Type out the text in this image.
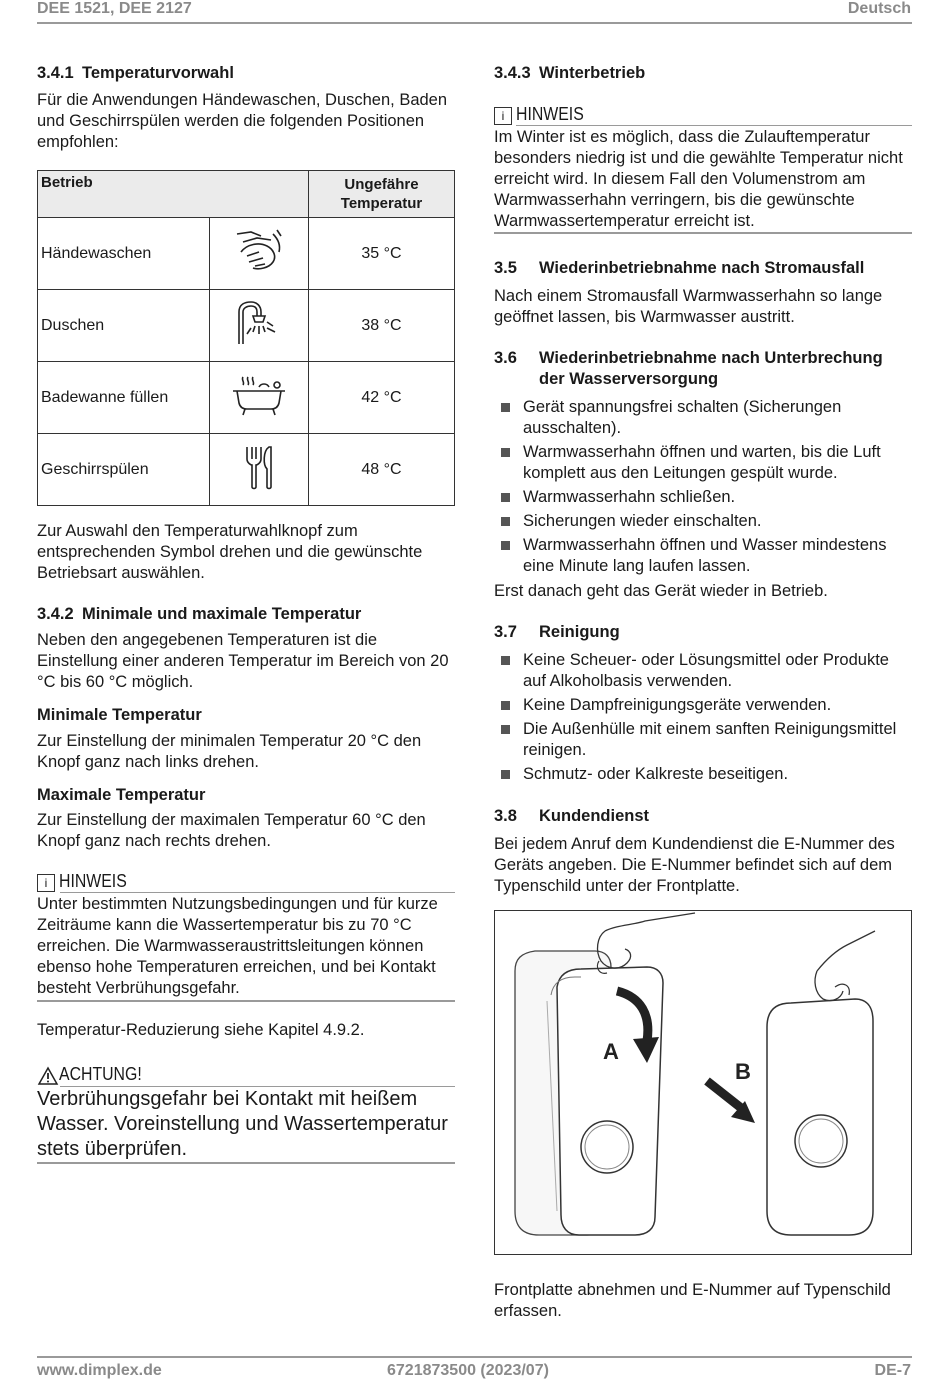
DEE 1521, DEE 2127	Deutsch
3.4.1 Temperaturvorwahl
Für die Anwendungen Händewaschen, Duschen, Baden und Geschirrspülen werden die folgenden Positionen empfohlen:
Betrieb		Ungefähre
Temperatur

Händewaschen		35 °C
Duschen		38 °C
Badewanne füllen		42 °C
Geschirrspülen		48 °C
Zur Auswahl den Temperaturwahlknopf zum entsprechenden Symbol drehen und die gewünschte Betriebsart auswählen.
3.4.2 Minimale und maximale Temperatur
Neben den angegebenen Temperaturen ist die Einstellung einer anderen Temperatur im Bereich von 20 °C bis 60 °C möglich.
Minimale Temperatur
Zur Einstellung der minimalen Temperatur 20 °C den Knopf ganz nach links drehen.
Maximale Temperatur
Zur Einstellung der maximalen Temperatur 60 °C den Knopf ganz nach rechts drehen.
i HINWEIS
Unter bestimmten Nutzungsbedingungen und für kurze Zeiträume kann die Wassertemperatur bis zu 70 °C erreichen. Die Warmwasseraustrittsleitungen können ebenso hohe Temperaturen erreichen, und bei Kontakt besteht Verbrühungsgefahr.
Temperatur-Reduzierung siehe Kapitel 4.9.2.
ACHTUNG!
Verbrühungsgefahr bei Kontakt mit heißem Wasser. Voreinstellung und Wassertemperatur stets überprüfen.
3.4.3 Winterbetrieb
i HINWEIS
Im Winter ist es möglich, dass die Zulauftemperatur besonders niedrig ist und die gewählte Temperatur nicht erreicht wird. In diesem Fall den Volumenstrom am Warmwasserhahn verringern, bis die gewünschte Warmwassertemperatur erreicht ist.
3.5 Wiederinbetriebnahme nach Stromausfall
Nach einem Stromausfall Warmwasserhahn so lange geöffnet lassen, bis Warmwasser austritt.
3.6 Wiederinbetriebnahme nach Unterbrechung
der Wasserversorgung
Gerät spannungsfrei schalten (Sicherungen ausschalten).
Warmwasserhahn öffnen und warten, bis die Luft komplett aus den Leitungen gespült wurde.
Warmwasserhahn schließen.
Sicherungen wieder einschalten.
Warmwasserhahn öffnen und Wasser mindestens eine Minute lang laufen lassen.
Erst danach geht das Gerät wieder in Betrieb.
3.7 Reinigung
Keine Scheuer- oder Lösungsmittel oder Produkte auf Alkoholbasis verwenden.
Keine Dampfreinigungsgeräte verwenden.
Die Außenhülle mit einem sanften Reinigungsmittel reinigen.
Schmutz- oder Kalkreste beseitigen.
3.8 Kundendienst
Bei jedem Anruf dem Kundendienst die E-Nummer des Geräts angeben. Die E-Nummer befindet sich auf dem Typenschild unter der Frontplatte.
A
B
Frontplatte abnehmen und E-Nummer auf Typenschild erfassen.
www.dimplex.de	6721873500 (2023/07)	DE-7
